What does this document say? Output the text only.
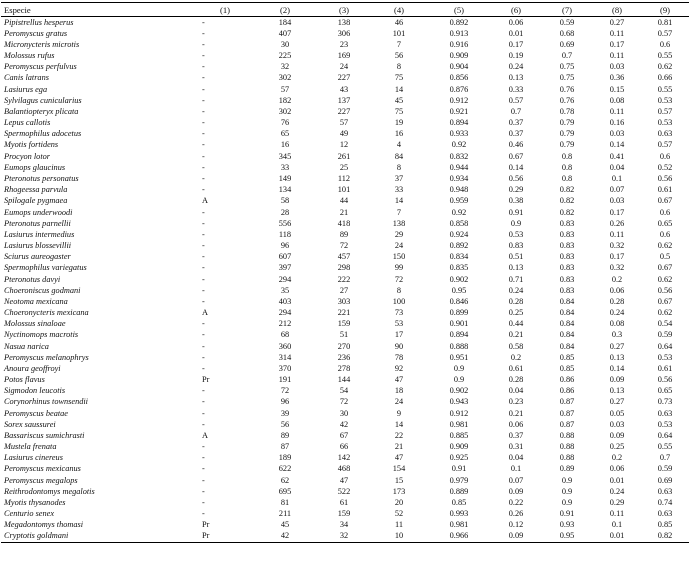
Especie	(1)	(2)	(3)	(4)	(5)	(6)	(7)	(8)	(9)
Pipistrellus hesperus	-	184	138	46	0.892	0.06	0.59	0.27	0.81
Peromyscus gratus	-	407	306	101	0.913	0.01	0.68	0.11	0.57
Micronycteris microtis	-	30	23	7	0.916	0.17	0.69	0.17	0.6
Molossus rufus	-	225	169	56	0.909	0.19	0.7	0.11	0.55
Peromyscus perfulvus	-	32	24	8	0.904	0.24	0.75	0.03	0.62
Canis latrans	-	302	227	75	0.856	0.13	0.75	0.36	0.66
Lasiurus ega	-	57	43	14	0.876	0.33	0.76	0.15	0.55
Sylvilagus cunicularius	-	182	137	45	0.912	0.57	0.76	0.08	0.53
Balantiopteryx plicata	-	302	227	75	0.921	0.7	0.78	0.11	0.57
Lepus callotis	-	76	57	19	0.894	0.37	0.79	0.16	0.53
Spermophilus adocetus	-	65	49	16	0.933	0.37	0.79	0.03	0.63
Myotis fortidens	-	16	12	4	0.92	0.46	0.79	0.14	0.57
Procyon lotor	-	345	261	84	0.832	0.67	0.8	0.41	0.6
Eumops glaucinus	-	33	25	8	0.944	0.14	0.8	0.04	0.52
Pteronotus personatus	-	149	112	37	0.934	0.56	0.8	0.1	0.56
Rhogeessa parvula	-	134	101	33	0.948	0.29	0.82	0.07	0.61
Spilogale pygmaea	A	58	44	14	0.959	0.38	0.82	0.03	0.67
Eumops underwoodi	-	28	21	7	0.92	0.91	0.82	0.17	0.6
Pteronotus parnellii	-	556	418	138	0.858	0.9	0.83	0.26	0.65
Lasiurus intermedius	-	118	89	29	0.924	0.53	0.83	0.11	0.6
Lasiurus blossevillii	-	96	72	24	0.892	0.83	0.83	0.32	0.62
Sciurus aureogaster	-	607	457	150	0.834	0.51	0.83	0.17	0.5
Spermophilus variegatus	-	397	298	99	0.835	0.13	0.83	0.32	0.67
Pteronotus davyi	-	294	222	72	0.902	0.71	0.83	0.2	0.62
Choeroniscus godmani	-	35	27	8	0.95	0.24	0.83	0.06	0.56
Neotoma mexicana	-	403	303	100	0.846	0.28	0.84	0.28	0.67
Choeronycteris mexicana	A	294	221	73	0.899	0.25	0.84	0.24	0.62
Molossus sinaloae	-	212	159	53	0.901	0.44	0.84	0.08	0.54
Nyctinomops macrotis	-	68	51	17	0.894	0.21	0.84	0.3	0.59
Nasua narica	-	360	270	90	0.888	0.58	0.84	0.27	0.64
Peromyscus melanophrys	-	314	236	78	0.951	0.2	0.85	0.13	0.53
Anoura geoffroyi	-	370	278	92	0.9	0.61	0.85	0.14	0.61
Potos flavus	Pr	191	144	47	0.9	0.28	0.86	0.09	0.56
Sigmodon leucotis	-	72	54	18	0.902	0.04	0.86	0.13	0.65
Corynorhinus townsendii	-	96	72	24	0.943	0.23	0.87	0.27	0.73
Peromyscus beatae	-	39	30	9	0.912	0.21	0.87	0.05	0.63
Sorex saussurei	-	56	42	14	0.981	0.06	0.87	0.03	0.53
Bassariscus sumichrasti	A	89	67	22	0.885	0.37	0.88	0.09	0.64
Mustela frenata	-	87	66	21	0.909	0.31	0.88	0.25	0.55
Lasiurus cinereus	-	189	142	47	0.925	0.04	0.88	0.2	0.7
Peromyscus mexicanus	-	622	468	154	0.91	0.1	0.89	0.06	0.59
Peromyscus megalops	-	62	47	15	0.979	0.07	0.9	0.01	0.69
Reithrodontomys megalotis	-	695	522	173	0.889	0.09	0.9	0.24	0.63
Myotis thysanodes	-	81	61	20	0.85	0.22	0.9	0.29	0.74
Centurio senex	-	211	159	52	0.993	0.26	0.91	0.11	0.63
Megadontomys thomasi	Pr	45	34	11	0.981	0.12	0.93	0.1	0.85
Cryptotis goldmani	Pr	42	32	10	0.966	0.09	0.95	0.01	0.82
